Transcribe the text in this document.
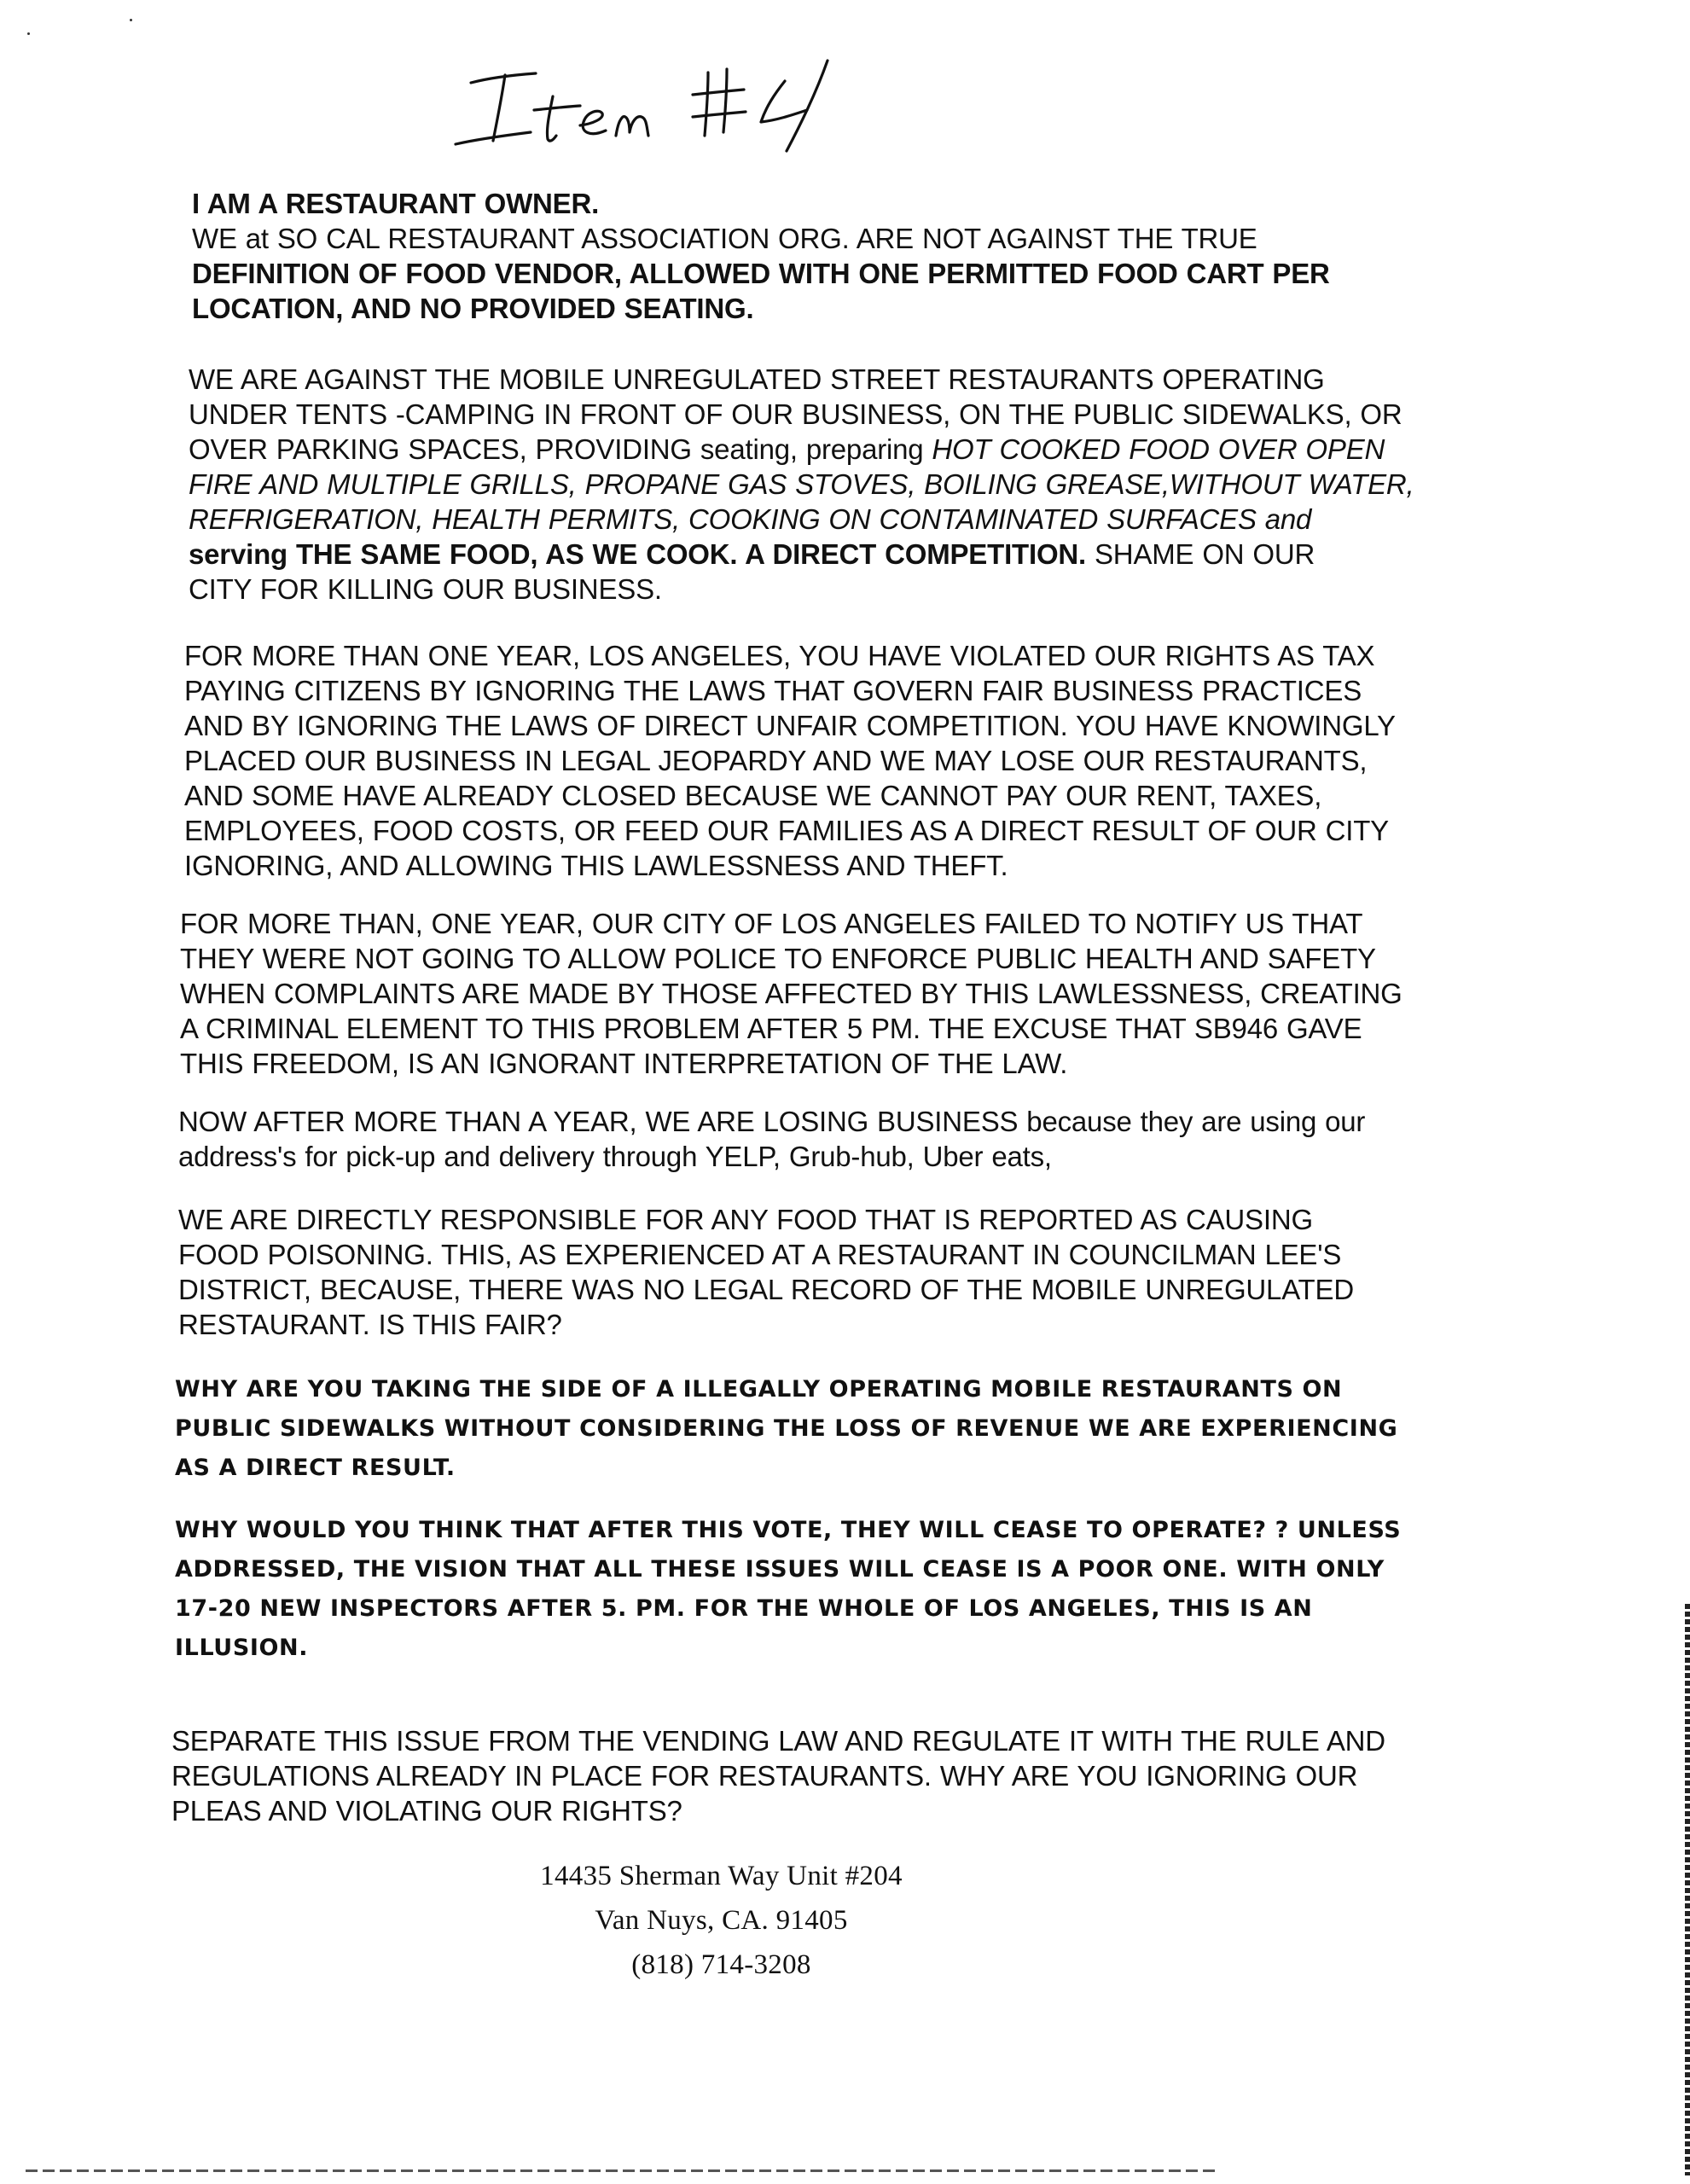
I AM A RESTAURANT OWNER.
WE at SO CAL RESTAURANT ASSOCIATION ORG. ARE NOT AGAINST THE TRUE
DEFINITION OF FOOD VENDOR, ALLOWED WITH ONE PERMITTED FOOD CART PER
LOCATION, AND NO PROVIDED SEATING.
WE ARE AGAINST THE MOBILE UNREGULATED STREET RESTAURANTS OPERATING
UNDER TENTS -CAMPING IN FRONT OF OUR BUSINESS, ON THE PUBLIC SIDEWALKS, OR
OVER PARKING SPACES, PROVIDING seating, preparing HOT COOKED FOOD OVER OPEN
FIRE AND MULTIPLE GRILLS, PROPANE GAS STOVES, BOILING GREASE,WITHOUT WATER,
REFRIGERATION, HEALTH PERMITS, COOKING ON CONTAMINATED SURFACES and
serving THE SAME FOOD, AS WE COOK. A DIRECT COMPETITION. SHAME ON OUR
CITY FOR KILLING OUR BUSINESS.
FOR MORE THAN ONE YEAR, LOS ANGELES, YOU HAVE VIOLATED OUR RIGHTS AS TAX
PAYING CITIZENS BY IGNORING THE LAWS THAT GOVERN FAIR BUSINESS PRACTICES
AND BY IGNORING THE LAWS OF DIRECT UNFAIR COMPETITION. YOU HAVE KNOWINGLY
PLACED OUR BUSINESS IN LEGAL JEOPARDY AND WE MAY LOSE OUR RESTAURANTS,
AND SOME HAVE ALREADY CLOSED BECAUSE WE CANNOT PAY OUR RENT, TAXES,
EMPLOYEES, FOOD COSTS, OR FEED OUR FAMILIES AS A DIRECT RESULT OF OUR CITY
IGNORING, AND ALLOWING THIS LAWLESSNESS AND THEFT.
FOR MORE THAN, ONE YEAR, OUR CITY OF LOS ANGELES FAILED TO NOTIFY US THAT
THEY WERE NOT GOING TO ALLOW POLICE TO ENFORCE PUBLIC HEALTH AND SAFETY
WHEN COMPLAINTS ARE MADE BY THOSE AFFECTED BY THIS LAWLESSNESS, CREATING
A CRIMINAL ELEMENT TO THIS PROBLEM AFTER 5 PM. THE EXCUSE THAT SB946 GAVE
THIS FREEDOM, IS AN IGNORANT INTERPRETATION OF THE LAW.
NOW AFTER MORE THAN A YEAR, WE ARE LOSING BUSINESS because they are using our
address's for pick-up and delivery through YELP, Grub-hub, Uber eats,
WE ARE DIRECTLY RESPONSIBLE FOR ANY FOOD THAT IS REPORTED AS CAUSING
FOOD POISONING. THIS, AS EXPERIENCED AT A RESTAURANT IN COUNCILMAN LEE'S
DISTRICT, BECAUSE, THERE WAS NO LEGAL RECORD OF THE MOBILE UNREGULATED
RESTAURANT. IS THIS FAIR?
WHY ARE YOU TAKING THE SIDE OF A ILLEGALLY OPERATING MOBILE RESTAURANTS ON
PUBLIC SIDEWALKS WITHOUT CONSIDERING THE LOSS OF REVENUE WE ARE EXPERIENCING
AS A DIRECT RESULT.
WHY WOULD YOU THINK THAT AFTER THIS VOTE, THEY WILL CEASE TO OPERATE? ? UNLESS
ADDRESSED, THE VISION THAT ALL THESE ISSUES WILL CEASE IS A POOR ONE. WITH ONLY
17-20 NEW INSPECTORS AFTER 5. PM. FOR THE WHOLE OF LOS ANGELES, THIS IS AN
ILLUSION.
SEPARATE THIS ISSUE FROM THE VENDING LAW AND REGULATE IT WITH THE RULE AND
REGULATIONS ALREADY IN PLACE FOR RESTAURANTS. WHY ARE YOU IGNORING OUR
PLEAS AND VIOLATING OUR RIGHTS?
14435 Sherman Way Unit #204
Van Nuys, CA. 91405
(818) 714-3208
